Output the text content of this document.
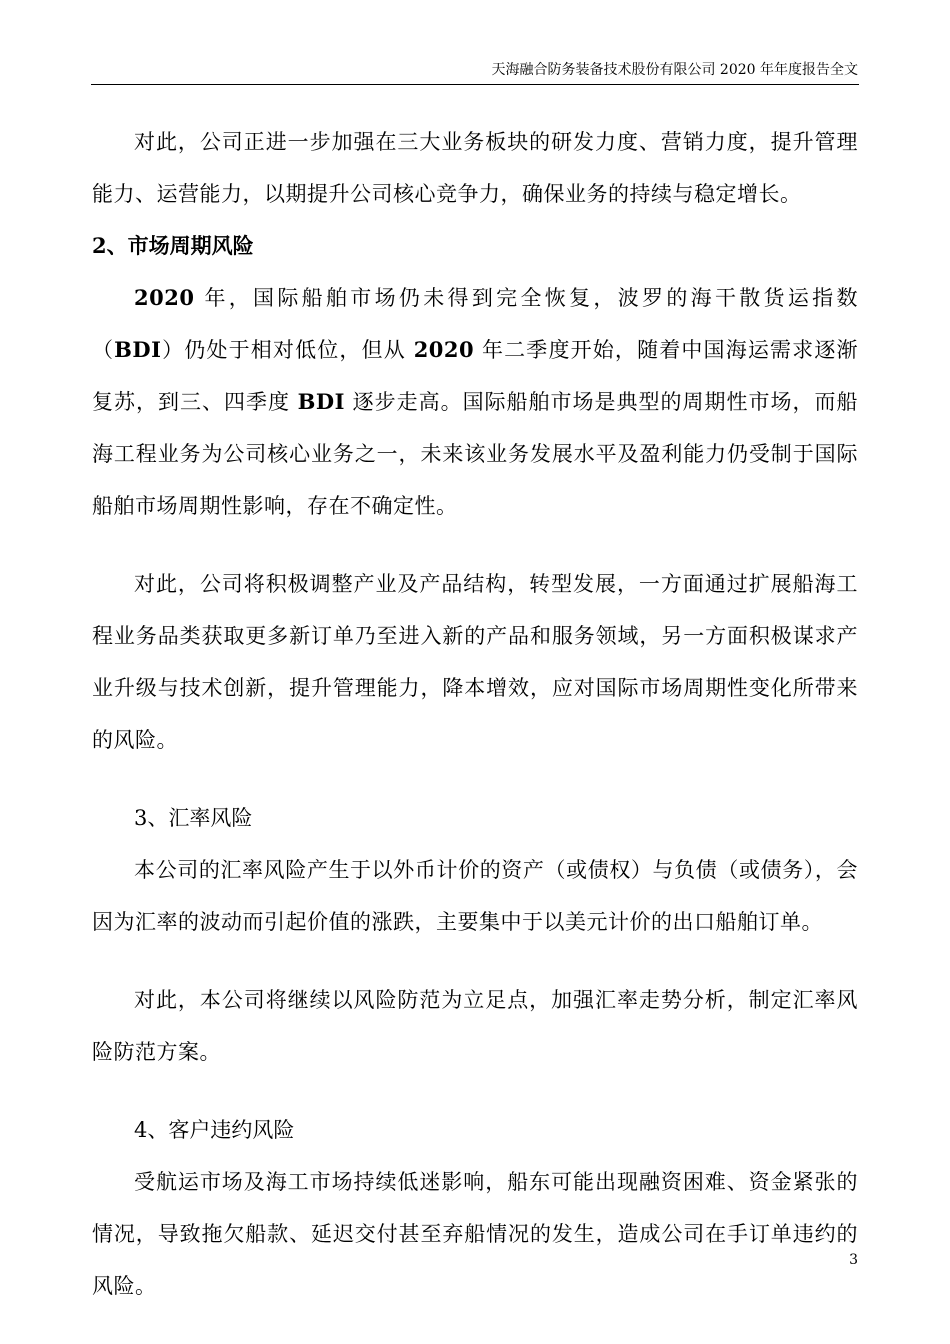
天海融合防务装备技术股份有限公司 2020 年年度报告全文

对此，公司正进一步加强在三大业务板块的研发力度、营销力度，提升管理能力、运营能力，以期提升公司核心竞争力，确保业务的持续与稳定增长。

2、市场周期风险

2020 年，国际船舶市场仍未得到完全恢复，波罗的海干散货运指数（BDI）仍处于相对低位，但从 2020 年二季度开始，随着中国海运需求逐渐复苏，到三、四季度 BDI 逐步走高。国际船舶市场是典型的周期性市场，而船海工程业务为公司核心业务之一，未来该业务发展水平及盈利能力仍受制于国际船舶市场周期性影响，存在不确定性。

对此，公司将积极调整产业及产品结构，转型发展，一方面通过扩展船海工程业务品类获取更多新订单乃至进入新的产品和服务领域，另一方面积极谋求产业升级与技术创新，提升管理能力，降本增效，应对国际市场周期性变化所带来的风险。

3、汇率风险

本公司的汇率风险产生于以外币计价的资产（或债权）与负债（或债务），会因为汇率的波动而引起价值的涨跌，主要集中于以美元计价的出口船舶订单。

对此，本公司将继续以风险防范为立足点，加强汇率走势分析，制定汇率风险防范方案。

4、客户违约风险

受航运市场及海工市场持续低迷影响，船东可能出现融资困难、资金紧张的情况，导致拖欠船款、延迟交付甚至弃船情况的发生，造成公司在手订单违约的风险。

3
